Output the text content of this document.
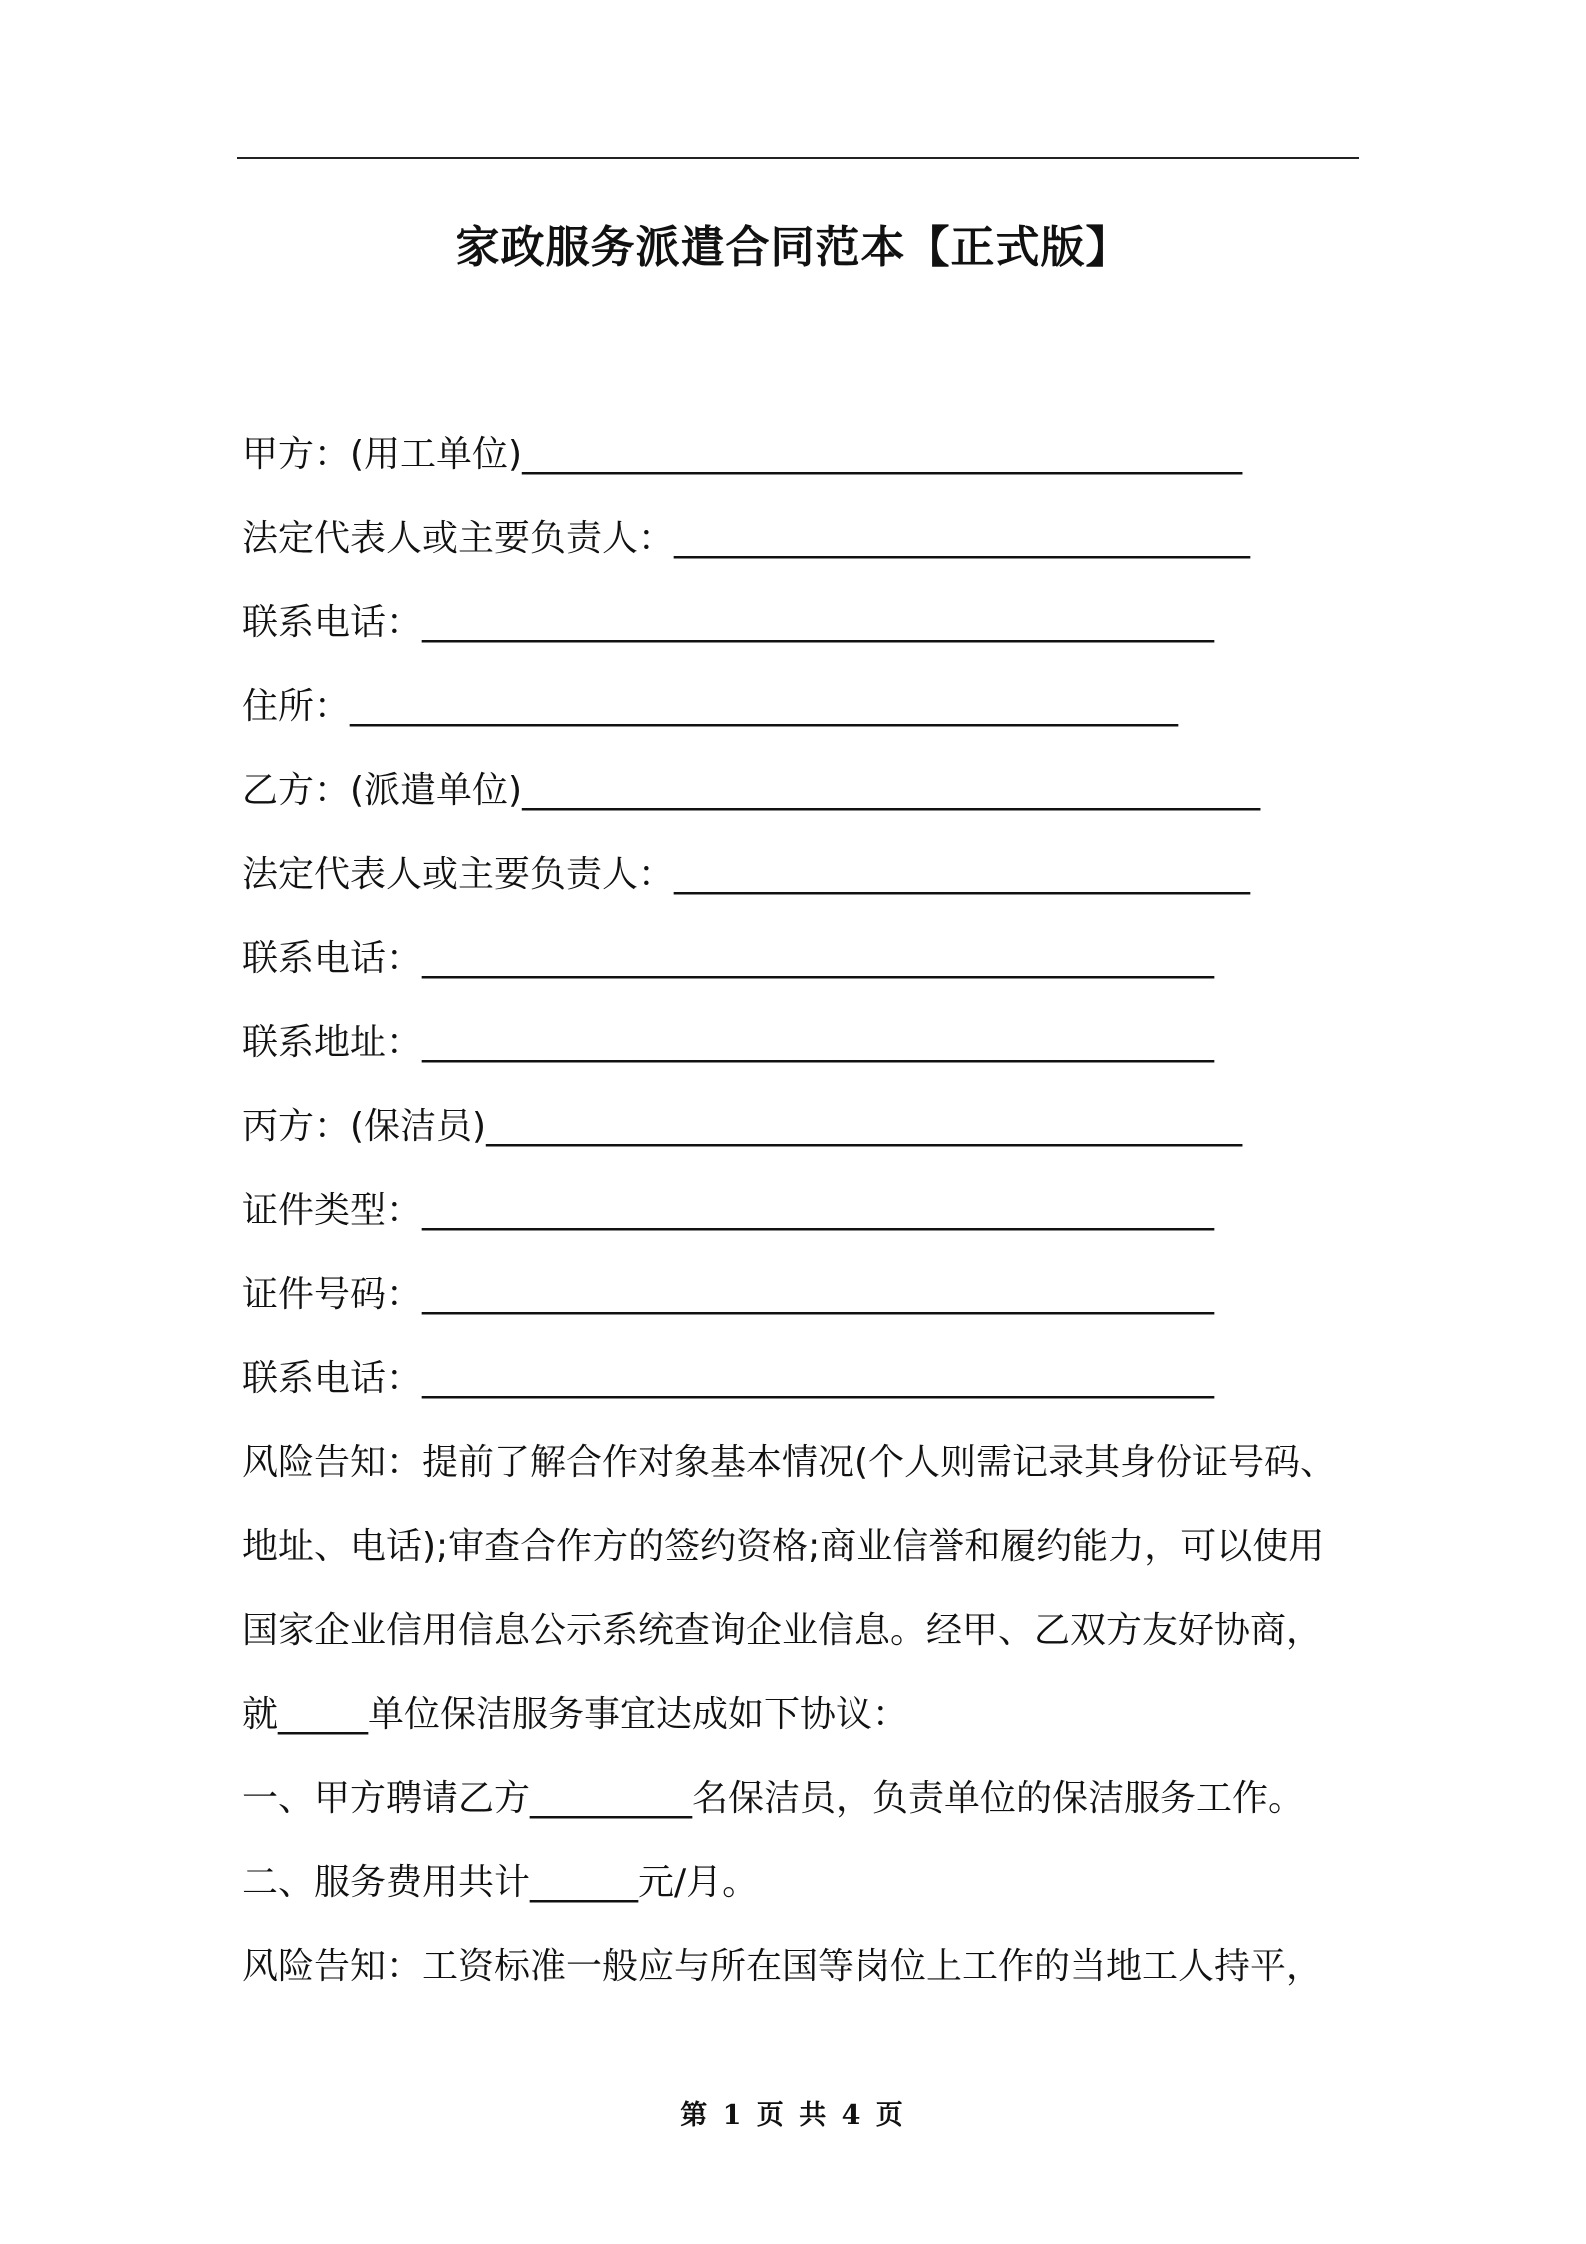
家政服务派遣合同范本【正式版】
甲方：(用工单位)________________________________________
法定代表人或主要负责人：________________________________
联系电话：____________________________________________
住所：______________________________________________
乙方：(派遣单位)_________________________________________
法定代表人或主要负责人：________________________________
联系电话：____________________________________________
联系地址：____________________________________________
丙方：(保洁员)__________________________________________
证件类型：____________________________________________
证件号码：____________________________________________
联系电话：____________________________________________
风险告知：提前了解合作对象基本情况(个人则需记录其身份证号码、
地址、电话);审查合作方的签约资格;商业信誉和履约能力，可以使用
国家企业信用信息公示系统查询企业信息。经甲、乙双方友好协商，
就_____单位保洁服务事宜达成如下协议：
一、甲方聘请乙方_________名保洁员，负责单位的保洁服务工作。
二、服务费用共计______元/月。
风险告知：工资标准一般应与所在国等岗位上工作的当地工人持平，
第 1 页 共 4 页
